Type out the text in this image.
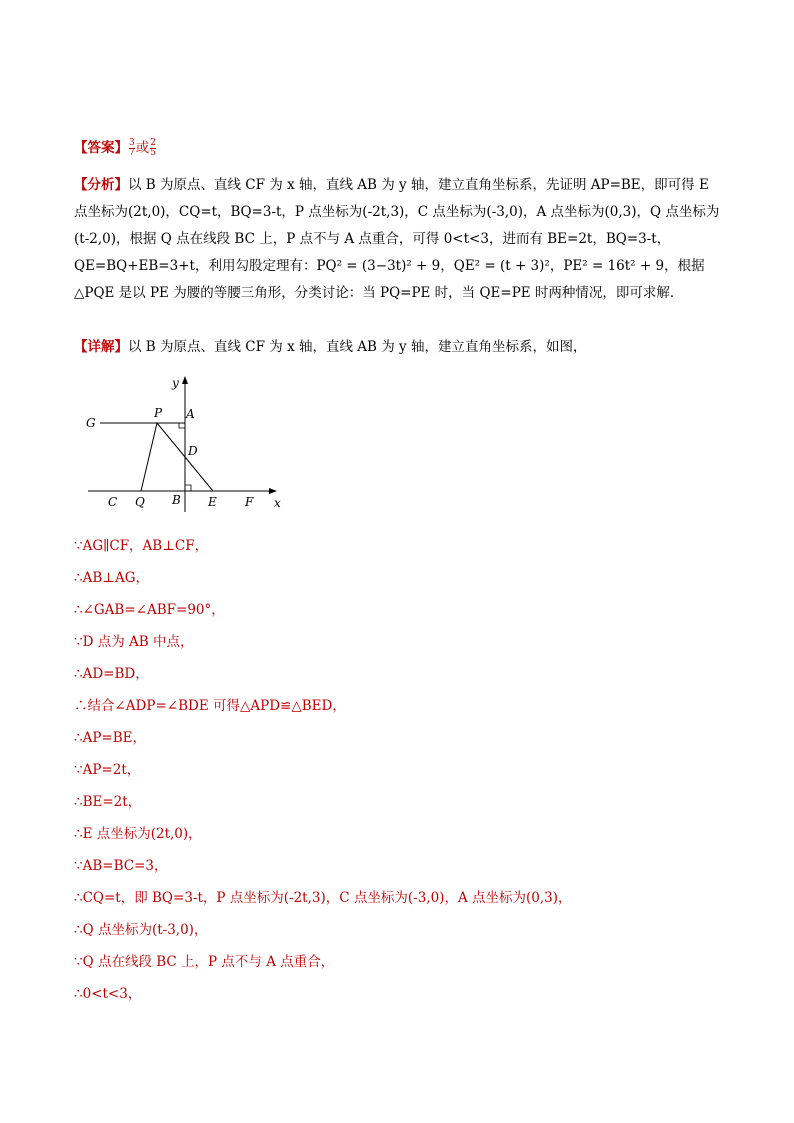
【答案】 $\frac{3}{7}$ 或 $\frac{2}{5}$

【分析】以 B 为原点、直线 CF 为 x 轴，直线 AB 为 y 轴，建立直角坐标系，先证明 AP=BE，即可得 E 点坐标为(2t,0)，CQ=t，BQ=3-t，P 点坐标为(-2t,3)，C 点坐标为(-3,0)，A 点坐标为(0,3)，Q 点坐标为(t-2,0)，根据 Q 点在线段 BC 上，P 点不与 A 点重合，可得 0<t<3，进而有 BE=2t，BQ=3-t，QE=BQ+EB=3+t，利用勾股定理有：PQ² = (3−3t)² + 9，QE² = (t + 3)²，PE² = 16t² + 9，根据△PQE 是以 PE 为腰的等腰三角形，分类讨论：当 PQ=PE 时，当 QE=PE 时两种情况，即可求解．

【详解】以 B 为原点、直线 CF 为 x 轴，直线 AB 为 y 轴，建立直角坐标系，如图，
y
x
G
P A
D
C Q B E F
∵AG∥CF，AB⊥CF，
∴AB⊥AG，
∴∠GAB=∠ABF=90°，
∵D 点为 AB 中点，
∴AD=BD，
∴结合∠ADP=∠BDE 可得△APD≌△BED，
∴AP=BE，
∵AP=2t，
∴BE=2t，
∴E 点坐标为(2t,0)，
∵AB=BC=3，
∴CQ=t，即 BQ=3-t，P 点坐标为(-2t,3)，C 点坐标为(-3,0)，A 点坐标为(0,3)，
∴Q 点坐标为(t-3,0)，
∵Q 点在线段 BC 上，P 点不与 A 点重合，
∴0<t<3，
